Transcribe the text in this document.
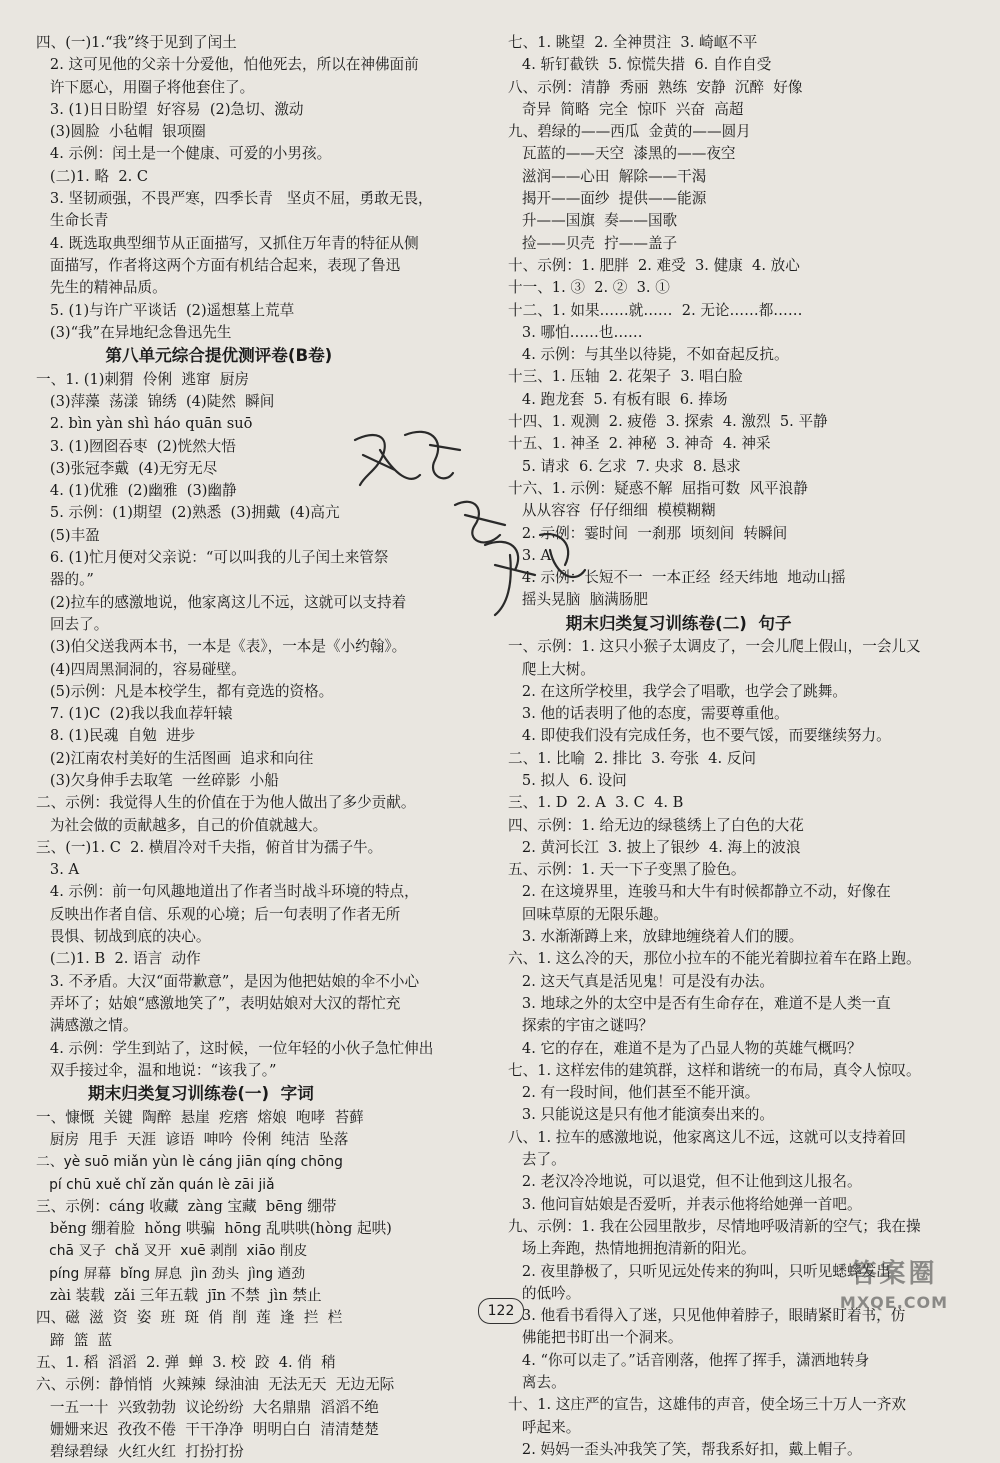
四、(一)1.“我”终于见到了闰土
2. 这可见他的父亲十分爱他，怕他死去，所以在神佛面前
许下愿心，用圈子将他套住了。
3. (1)日日盼望  好容易  (2)急切、激动
(3)圆脸  小毡帽  银项圈
4. 示例：闰土是一个健康、可爱的小男孩。
(二)1. 略  2. C
3. 坚韧顽强，不畏严寒，四季长青   坚贞不屈，勇敢无畏，
生命长青
4. 既选取典型细节从正面描写，又抓住万年青的特征从侧
面描写，作者将这两个方面有机结合起来，表现了鲁迅
先生的精神品质。
5. (1)与许广平谈话  (2)遥想墓上荒草
(3)“我”在异地纪念鲁迅先生
第八单元综合提优测评卷(B卷)
一、1. (1)刺猬  伶俐  逃窜  厨房
(3)萍藻  荡漾  锦绣  (4)陡然  瞬间
2. bìn yàn shì háo quān suō
3. (1)囫囵吞枣  (2)恍然大悟
(3)张冠李戴  (4)无穷无尽
4. (1)优雅  (2)幽雅  (3)幽静
5. 示例：(1)期望  (2)熟悉  (3)拥戴  (4)高亢
(5)丰盈
6. (1)忙月便对父亲说：“可以叫我的儿子闰土来管祭
器的。”
(2)拉车的感激地说，他家离这儿不远，这就可以支持着
回去了。
(3)伯父送我两本书，一本是《表》，一本是《小约翰》。
(4)四周黑洞洞的，容易碰壁。
(5)示例：凡是本校学生，都有竞选的资格。
7. (1)C  (2)我以我血荐轩辕
8. (1)民魂  自勉  进步
(2)江南农村美好的生活图画  追求和向往
(3)欠身伸手去取笔  一丝碎影  小船
二、示例：我觉得人生的价值在于为他人做出了多少贡献。
为社会做的贡献越多，自己的价值就越大。
三、(一)1. C  2. 横眉冷对千夫指，俯首甘为孺子牛。
3. A
4. 示例：前一句风趣地道出了作者当时战斗环境的特点，
反映出作者自信、乐观的心境；后一句表明了作者无所
畏惧、韧战到底的决心。
(二)1. B  2. 语言  动作
3. 不矛盾。大汉“面带歉意”，是因为他把姑娘的伞不小心
弄坏了；姑娘“感激地笑了”，表明姑娘对大汉的帮忙充
满感激之情。
4. 示例：学生到站了，这时候，一位年轻的小伙子急忙伸出
双手接过伞，温和地说：“该我了。”
期末归类复习训练卷(一)  字词
一、慷慨  关键  陶醉  悬崖  疙瘩  熔娘  咆哮  苔藓
厨房  甩手  天涯  谚语  呻吟  伶俐  纯洁  坠落
二、yè suō miǎn yùn lè cáng jiān qíng chōng
pí chū xuě chǐ zǎn quán lè zāi jiǎ
三、示例：cáng 收藏  zàng 宝藏  bēng 绷带
běng 绷着脸  hǒng 哄骗  hōng 乱哄哄(hòng 起哄)
chā 叉子  chǎ 叉开  xuē 剥削  xiāo 削皮
píng 屏幕  bǐng 屏息  jìn 劲头  jìng 遒劲
zài 装载  zǎi 三年五载  jīn 不禁  jìn 禁止
四、磁  滋  资  姿  班  斑  俏  削  莲  逢  拦  栏
蹄  篮  蓝
五、1. 稻  滔滔  2. 弹  蝉  3. 校  跤  4. 俏  稍
六、示例：静悄悄  火辣辣  绿油油  无法无天  无边无际
一五一十  兴致勃勃  议论纷纷  大名鼎鼎  滔滔不绝
姗姗来迟  孜孜不倦  干干净净  明明白白  清清楚楚
碧绿碧绿  火红火红  打扮打扮
七、1. 眺望  2. 全神贯注  3. 崎岖不平
4. 斩钉截铁  5. 惊慌失措  6. 自作自受
八、示例：清静  秀丽  熟练  安静  沉醉  好像
奇异  简略  完全  惊吓  兴奋  高超
九、碧绿的——西瓜  金黄的——圆月
瓦蓝的——天空  漆黑的——夜空
滋润——心田  解除——干渴
揭开——面纱  提供——能源
升——国旗  奏——国歌
捡——贝壳  拧——盖子
十、示例：1. 肥胖  2. 难受  3. 健康  4. 放心
十一、1. ③  2. ②  3. ①
十二、1. 如果……就……  2. 无论……都……
3. 哪怕……也……
4. 示例：与其坐以待毙，不如奋起反抗。
十三、1. 压轴  2. 花架子  3. 唱白脸
4. 跑龙套  5. 有板有眼  6. 捧场
十四、1. 观测  2. 疲倦  3. 探索  4. 激烈  5. 平静
十五、1. 神圣  2. 神秘  3. 神奇  4. 神采
5. 请求  6. 乞求  7. 央求  8. 恳求
十六、1. 示例：疑惑不解  屈指可数  风平浪静
从从容容  仔仔细细  模模糊糊
2. 示例：霎时间  一刹那  顷刻间  转瞬间
3. A
4. 示例：长短不一  一本正经  经天纬地  地动山摇
摇头晃脑  脑满肠肥
期末归类复习训练卷(二)  句子
一、示例：1. 这只小猴子太调皮了，一会儿爬上假山，一会儿又
爬上大树。
2. 在这所学校里，我学会了唱歌，也学会了跳舞。
3. 他的话表明了他的态度，需要尊重他。
4. 即使我们没有完成任务，也不要气馁，而要继续努力。
二、1. 比喻  2. 排比  3. 夸张  4. 反问
5. 拟人  6. 设问
三、1. D  2. A  3. C  4. B
四、示例：1. 给无边的绿毯绣上了白色的大花
2. 黄河长江  3. 披上了银纱  4. 海上的波浪
五、示例：1. 天一下子变黑了脸色。
2. 在这境界里，连骏马和大牛有时候都静立不动，好像在
回味草原的无限乐趣。
3. 水渐渐蹲上来，放肆地缠绕着人们的腰。
六、1. 这么冷的天，那位小拉车的不能光着脚拉着车在路上跑。
2. 这天气真是活见鬼！可是没有办法。
3. 地球之外的太空中是否有生命存在，难道不是人类一直
探索的宇宙之谜吗？
4. 它的存在，难道不是为了凸显人物的英雄气概吗？
七、1. 这样宏伟的建筑群，这样和谐统一的布局，真令人惊叹。
2. 有一段时间，他们甚至不能开演。
3. 只能说这是只有他才能演奏出来的。
八、1. 拉车的感激地说，他家离这儿不远，这就可以支持着回
去了。
2. 老汉冷冷地说，可以退党，但不让他到这儿报名。
3. 他问盲姑娘是否爱听，并表示他将给她弹一首吧。
九、示例：1. 我在公园里散步，尽情地呼吸清新的空气；我在操
场上奔跑，热情地拥抱清新的阳光。
2. 夜里静极了，只听见远处传来的狗叫，只听见蟋蟀发出
的低吟。
3. 他看书看得入了迷，只见他伸着脖子，眼睛紧盯着书，仿
佛能把书盯出一个洞来。
4. “你可以走了。”话音刚落，他挥了挥手，潇洒地转身
离去。
十、1. 这庄严的宣告，这雄伟的声音，使全场三十万人一齐欢
呼起来。
2. 妈妈一歪头冲我笑了笑，帮我系好扣，戴上帽子。
122
答案圈
MXQE.COM
